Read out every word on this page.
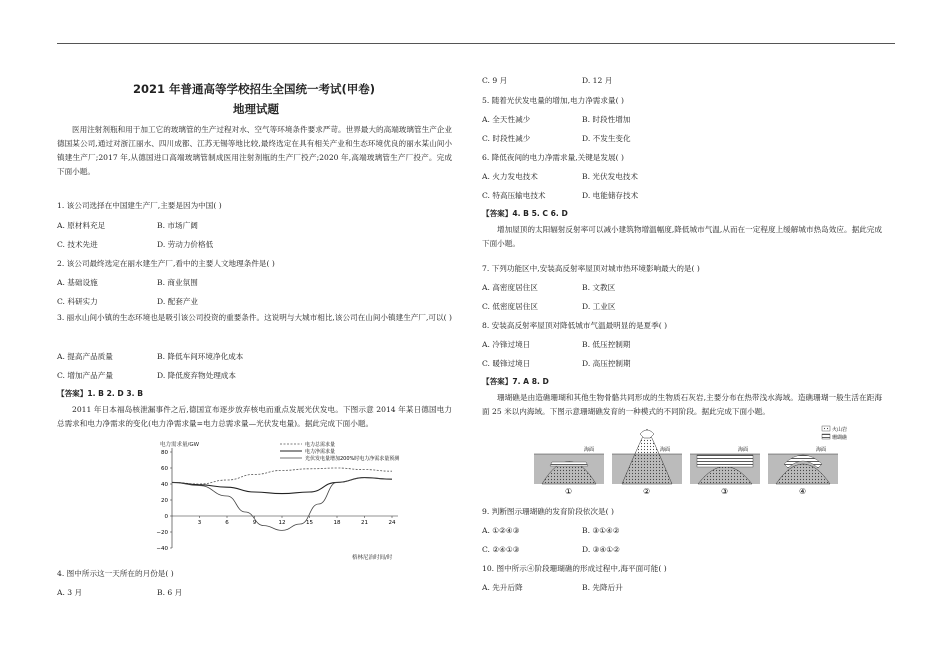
2021 年普通高等学校招生全国统一考试(甲卷)
地理试题
医用注射剂瓶和用于加工它的玻璃管的生产过程对水、空气等环境条件要求严苛。世界最大的高端玻璃管生产企业德国某公司,通过对浙江丽水、四川成都、江苏无锡等地比较,最终选定在具有相关产业和生态环境优良的丽水某山间小镇建生产厂;2017 年,从德国进口高端玻璃管制成医用注射剂瓶的生产厂投产;2020 年,高端玻璃管生产厂投产。完成下面小题。
1. 该公司选择在中国建生产厂,主要是因为中国( )
A. 原材料充足	B. 市场广阔
C. 技术先进	D. 劳动力价格低
2. 该公司最终选定在丽水建生产厂,看中的主要人文地理条件是( )
A. 基础设施	B. 商业氛围
C. 科研实力	D. 配套产业
3. 丽水山间小镇的生态环境也是吸引该公司投资的重要条件。这说明与大城市相比,该公司在山间小镇建生产厂,可以( )
A. 提高产品质量	B. 降低车间环境净化成本
C. 增加产品产量	D. 降低废弃物处理成本
【答案】1. B 2. D 3. B
2011 年日本福岛核泄漏事件之后,德国宣布逐步放弃核电而重点发展光伏发电。下图示意 2014 年某日德国电力总需求和电力净需求的变化(电力净需求量=电力总需求量—光伏发电量)。据此完成下面小题。
电力需求量/GW	电力总需求量
电力净需求量
光伏发电量增加200%时电力净需求量预测
80
60
40
20
0
−20
−40
3	6	9	12	15	18	21	24
格林尼治时间/时
4. 图中所示这一天所在的月份是( )
A. 3 月	B. 6 月
C. 9 月	D. 12 月
5. 随着光伏发电量的增加,电力净需求量( )
A. 全天性减少	B. 时段性增加
C. 时段性减少	D. 不发生变化
6. 降低夜间的电力净需求量,关键是发展( )
A. 火力发电技术	B. 光伏发电技术
C. 特高压输电技术	D. 电能储存技术
【答案】4. B 5. C 6. D
增加屋顶的太阳辐射反射率可以减小建筑物增温幅度,降低城市气温,从而在一定程度上缓解城市热岛效应。据此完成下面小题。
7. 下列功能区中,安装高反射率屋顶对城市热环境影响最大的是( )
A. 高密度居住区	B. 文教区
C. 低密度居住区	D. 工业区
8. 安装高反射率屋顶对降低城市气温最明显的是夏季( )
A. 冷锋过境日	B. 低压控制期
C. 暖锋过境日	D. 高压控制期
【答案】7. A 8. D
珊瑚礁是由造礁珊瑚和其他生物骨骼共同形成的生物质石灰岩,主要分布在热带浅水海域。造礁珊瑚一般生活在距海面 25 米以内海域。下图示意珊瑚礁发育的一种模式的不同阶段。据此完成下面小题。
火山岩
珊瑚礁
海面
①
海面
②
海面
③
海面
④
9. 判断图示珊瑚礁的发育阶段依次是( )
A. ①②④③	B. ③①④②
C. ②④①③	D. ③④①②
10. 图中所示④阶段珊瑚礁的形成过程中,海平面可能( )
A. 先升后降	B. 先降后升
